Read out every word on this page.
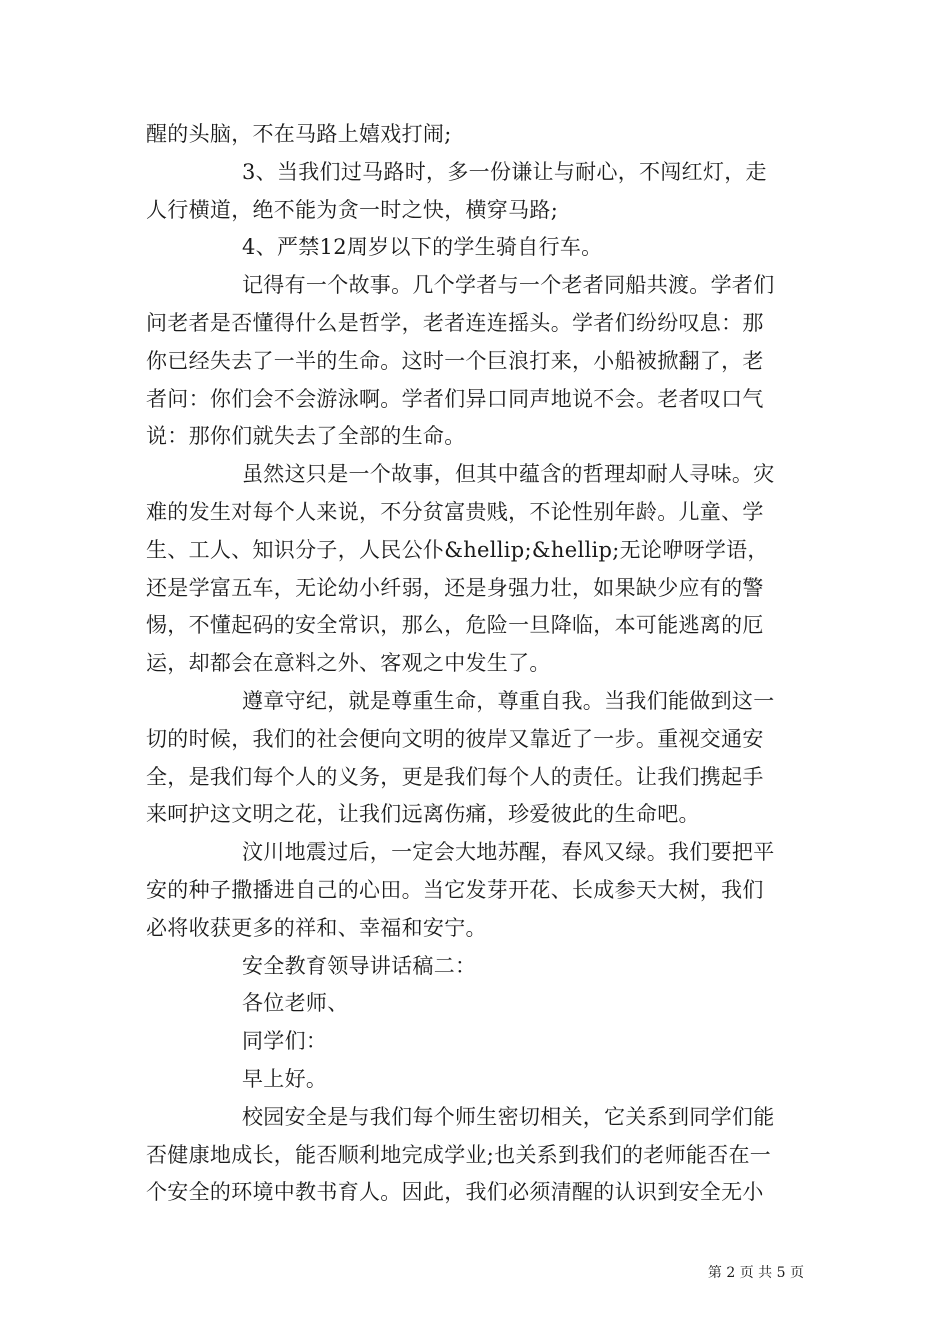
醒的头脑，不在马路上嬉戏打闹;
3、当我们过马路时，多一份谦让与耐心，不闯红灯，走
人行横道，绝不能为贪一时之快，横穿马路;
4、严禁12周岁以下的学生骑自行车。
记得有一个故事。几个学者与一个老者同船共渡。学者们
问老者是否懂得什么是哲学，老者连连摇头。学者们纷纷叹息：那
你已经失去了一半的生命。这时一个巨浪打来，小船被掀翻了，老
者问：你们会不会游泳啊。学者们异口同声地说不会。老者叹口气
说：那你们就失去了全部的生命。
虽然这只是一个故事，但其中蕴含的哲理却耐人寻味。灾
难的发生对每个人来说，不分贫富贵贱，不论性别年龄。儿童、学
生、工人、知识分子，人民公仆&hellip;&hellip;无论咿呀学语，
还是学富五车，无论幼小纤弱，还是身强力壮，如果缺少应有的警
惕，不懂起码的安全常识，那么，危险一旦降临，本可能逃离的厄
运，却都会在意料之外、客观之中发生了。
遵章守纪，就是尊重生命，尊重自我。当我们能做到这一
切的时候，我们的社会便向文明的彼岸又靠近了一步。重视交通安
全，是我们每个人的义务，更是我们每个人的责任。让我们携起手
来呵护这文明之花，让我们远离伤痛，珍爱彼此的生命吧。
汶川地震过后，一定会大地苏醒，春风又绿。我们要把平
安的种子撒播进自己的心田。当它发芽开花、长成参天大树，我们
必将收获更多的祥和、幸福和安宁。
安全教育领导讲话稿二：
各位老师、
同学们：
早上好。
校园安全是与我们每个师生密切相关，它关系到同学们能
否健康地成长，能否顺利地完成学业;也关系到我们的老师能否在一
个安全的环境中教书育人。因此，我们必须清醒的认识到安全无小
第 2 页 共 5 页
